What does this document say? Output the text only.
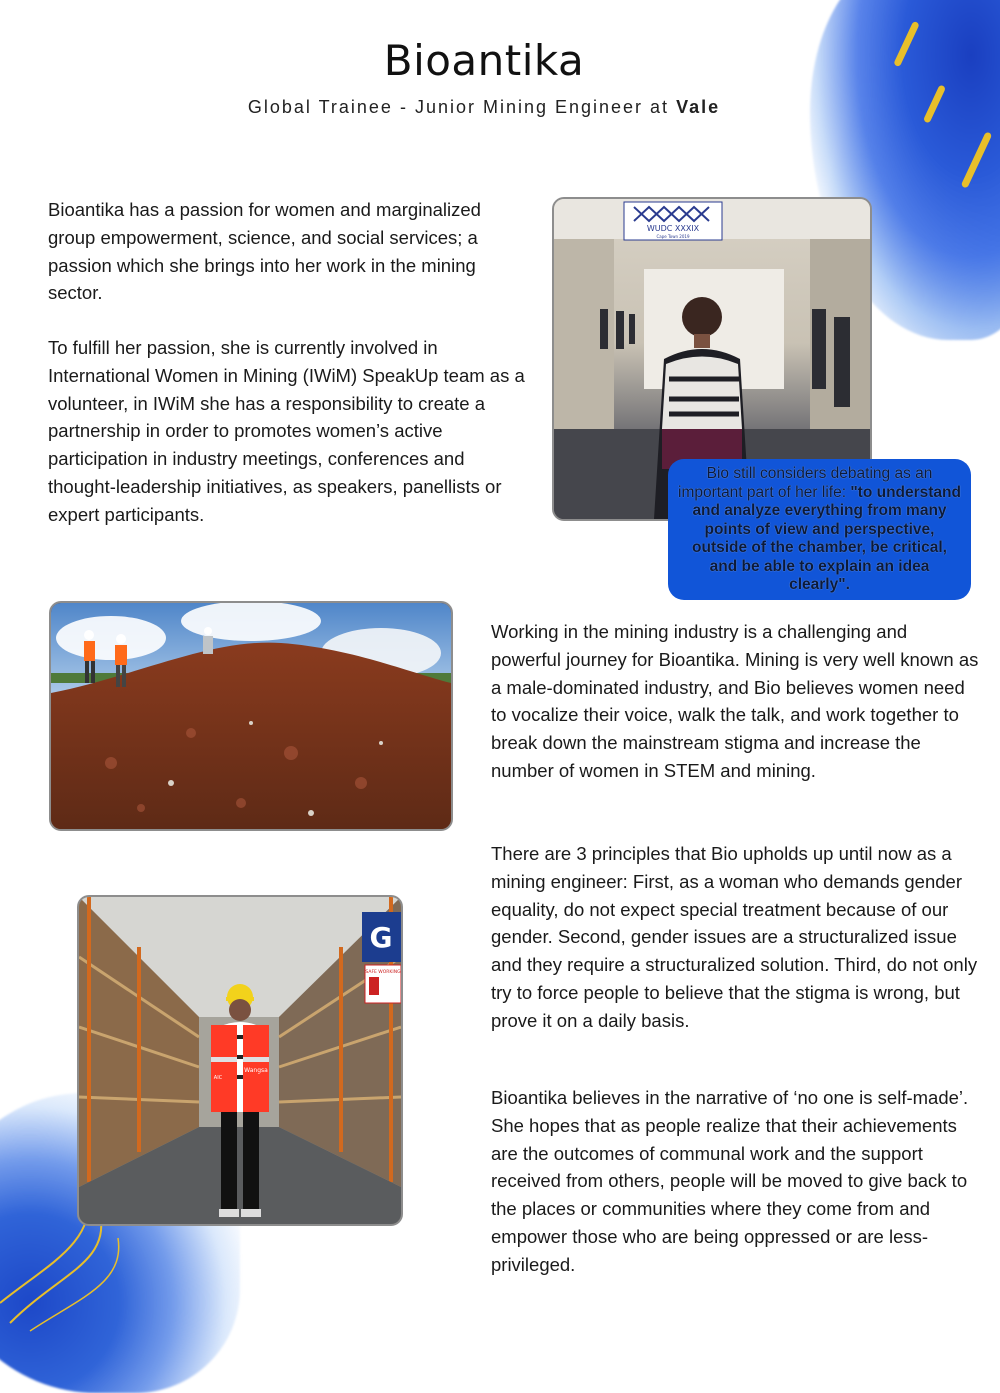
Bioantika
Global Trainee - Junior Mining Engineer at Vale

Bioantika has a passion for women and marginalized group empowerment, science, and social services; a passion which she brings into her work in the mining sector.

To fulfill her passion, she is currently involved in International Women in Mining (IWiM) SpeakUp team as a volunteer, in IWiM she has a responsibility to create a partnership in order to promotes women’s active participation in industry meetings, conferences and thought-leadership initiatives, as speakers, panellists or expert participants.

WUDC XXXIX
Cape Town 2019
Bio still considers debating as an important part of her life: "to understand and analyze everything from many points of view and perspective, outside of the chamber, be critical, and be able to explain an idea clearly".

Working in the mining industry is a challenging and powerful journey for Bioantika. Mining is very well known as a male-dominated industry, and Bio believes women need to vocalize their voice, walk the talk, and work together to break down the mainstream stigma and increase the number of women in STEM and mining.

There are 3 principles that Bio upholds up until now as a mining engineer: First, as a woman who demands gender equality, do not expect special treatment because of our gender. Second, gender issues are a structuralized issue and they require a structuralized solution. Third, do not only try to force people to believe that the stigma is wrong, but prove it on a daily basis.

Bioantika believes in the narrative of ‘no one is self-made’. She hopes that as people realize that their achievements are the outcomes of communal work and the support received from others, people will be moved to give back to the places or communities where they come from and empower those who are being oppressed or are less-privileged.

G
SAFE WORKING
Wangsa
AIC
